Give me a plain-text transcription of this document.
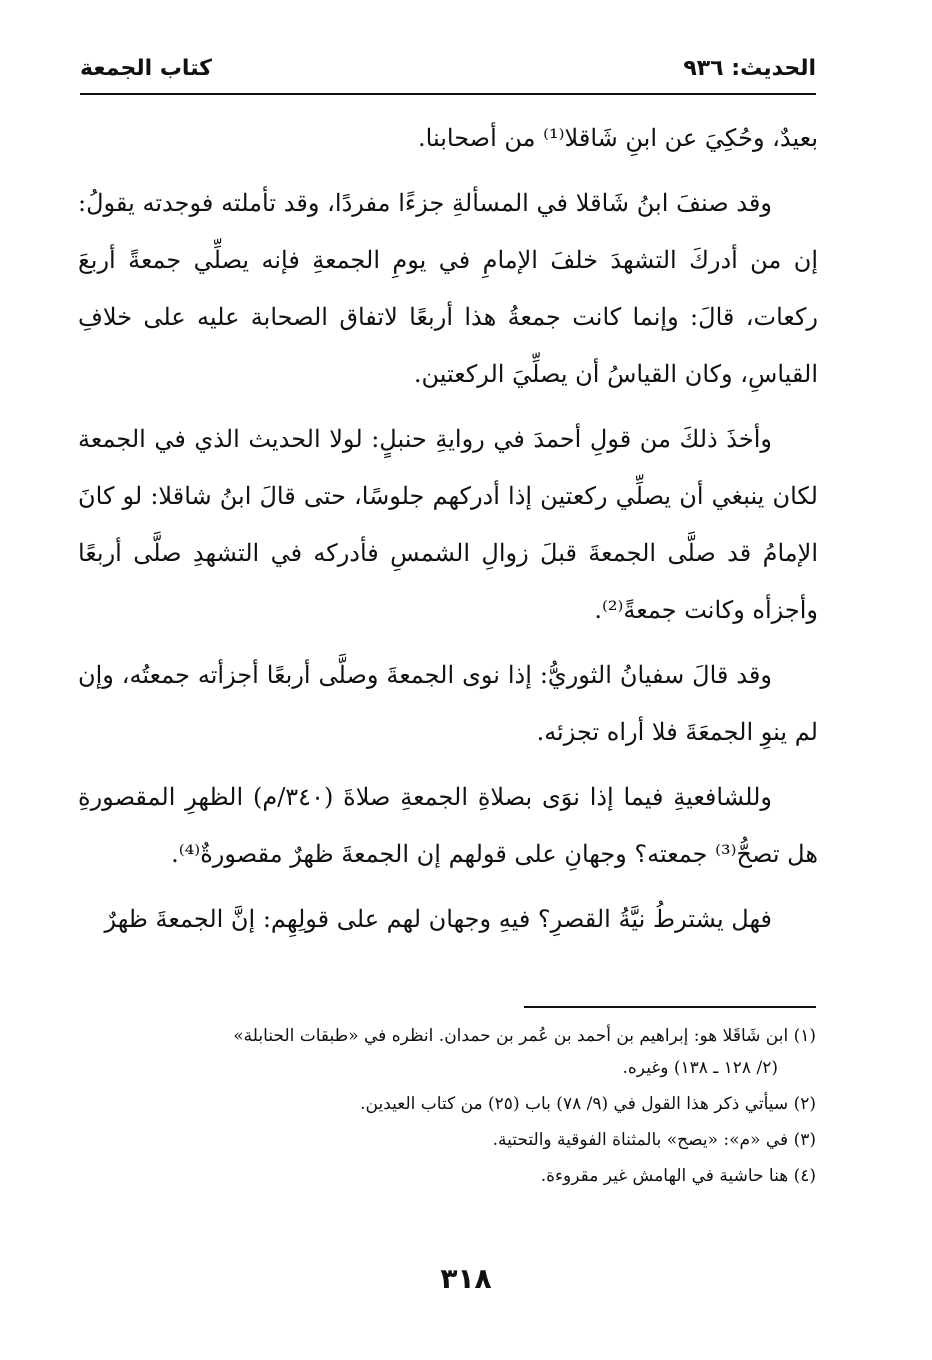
الحديث: ٩٣٦
كتاب الجمعة

بعيدٌ، وحُكِيَ عن ابنِ شَاقلا⁽¹⁾ من أصحابنا.

وقد صنفَ ابنُ شَاقلا في المسألةِ جزءًا مفردًا، وقد تأملته فوجدته يقولُ: إن من أدركَ التشهدَ خلفَ الإمامِ في يومِ الجمعةِ فإنه يصلِّي جمعةً أربعَ ركعات، قالَ: وإنما كانت جمعةُ هذا أربعًا لاتفاق الصحابة عليه على خلافِ القياسِ، وكان القياسُ أن يصلِّيَ الركعتين.

وأخذَ ذلكَ من قولِ أحمدَ في روايةِ حنبلٍ: لولا الحديث الذي في الجمعة لكان ينبغي أن يصلِّي ركعتين إذا أدركهم جلوسًا، حتى قالَ ابنُ شاقلا: لو كانَ الإمامُ قد صلَّى الجمعةَ قبلَ زوالِ الشمسِ فأدركه في التشهدِ صلَّى أربعًا وأجزأه وكانت جمعةً⁽²⁾.

وقد قالَ سفيانُ الثوريُّ: إذا نوى الجمعةَ وصلَّى أربعًا أجزأته جمعتُه، وإن لم ينوِ الجمعَةَ فلا أراه تجزئه.

وللشافعيةِ فيما إذا نوَى بصلاةِ الجمعةِ صلاةَ (٣٤٠/م) الظهرِ المقصورةِ هل تصحُّ⁽³⁾ جمعته؟ وجهانِ على قولهم إن الجمعةَ ظهرٌ مقصورةٌ⁽⁴⁾.

فهل يشترطُ نيَّةُ القصرِ؟ فيهِ وجهان لهم على قولِهِم: إنَّ الجمعةَ ظهرٌ

(١) ابن شَاقَلا هو: إبراهيم بن أحمد بن عُمر بن حمدان. انظره في «طبقات الحنابلة»
(٢/ ١٢٨ ـ ١٣٨) وغيره.
(٢) سيأتي ذكر هذا القول في (٩/ ٧٨) باب (٢٥) من كتاب العيدين.
(٣) في «م»: «يصح» بالمثناة الفوقية والتحتية.
(٤) هنا حاشية في الهامش غير مقروءة.
٣١٨
